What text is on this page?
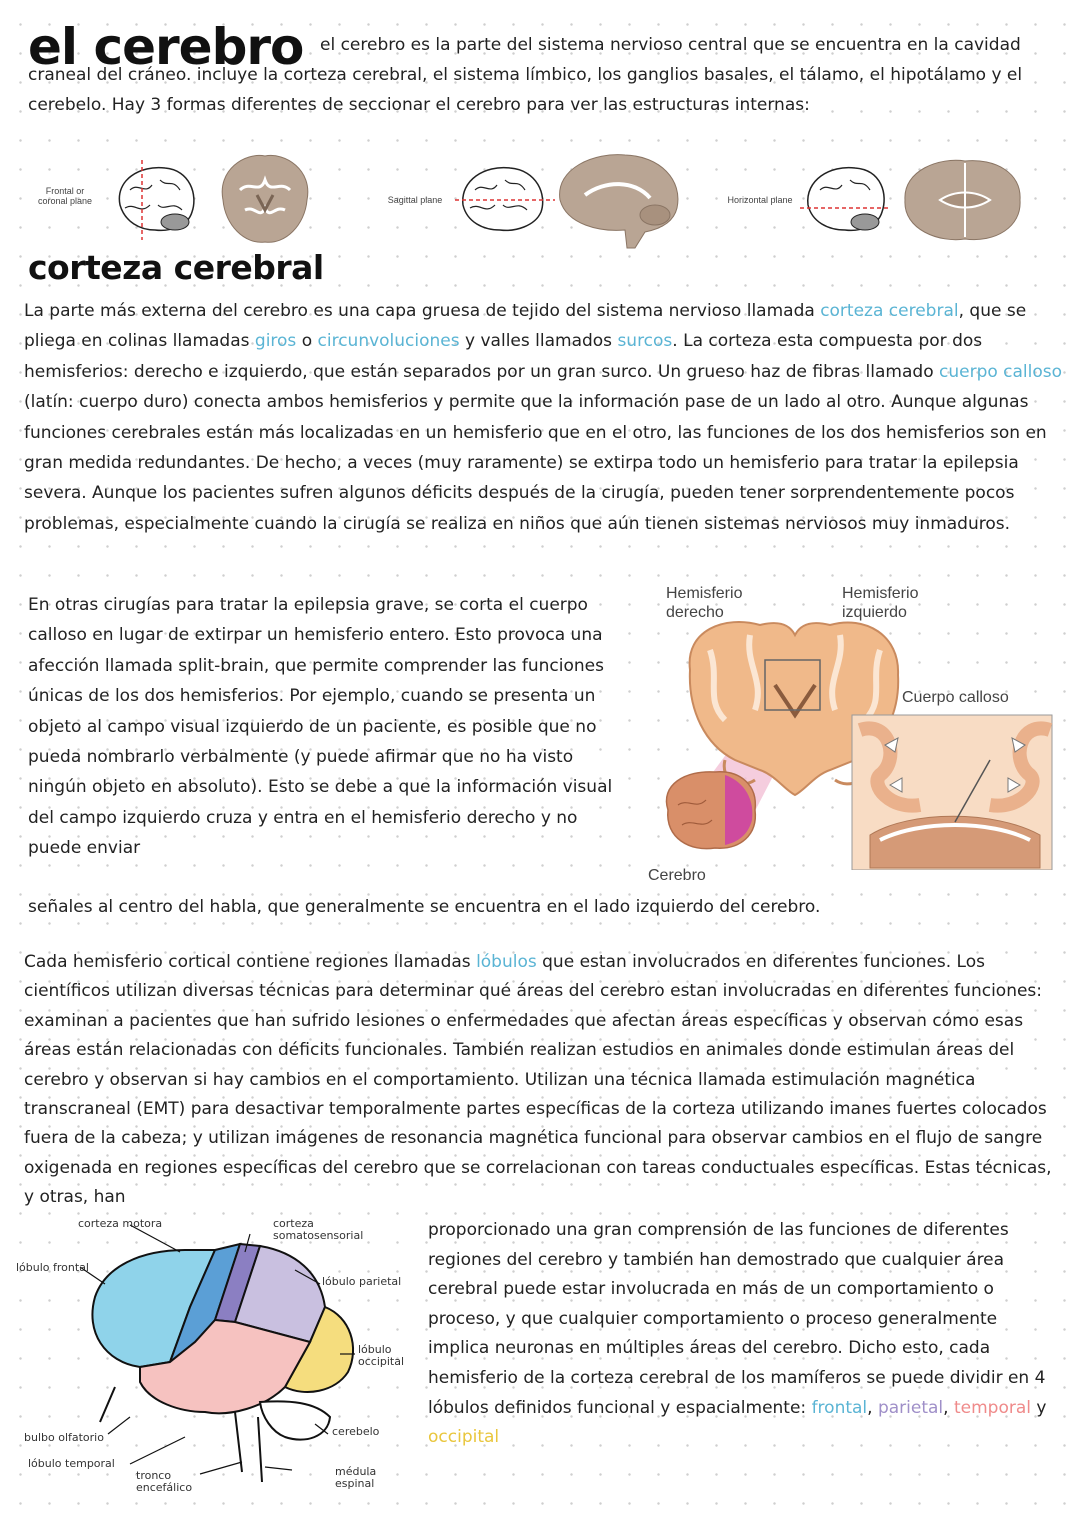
el cerebro el cerebro es la parte del sistema nervioso central que se encuentra en la cavidad craneal del cráneo. incluye la corteza cerebral, el sistema límbico, los ganglios basales, el tálamo, el hipotálamo y el cerebelo. Hay 3 formas diferentes de seccionar el cerebro para ver las estructuras internas:
Frontal or coronal plane	Sagittal plane	Horizontal plane
corteza cerebral
La parte más externa del cerebro es una capa gruesa de tejido del sistema nervioso llamada corteza cerebral, que se pliega en colinas llamadas giros o circunvoluciones y valles llamados surcos. La corteza esta compuesta por dos hemisferios: derecho e izquierdo, que están separados por un gran surco. Un grueso haz de fibras llamado cuerpo calloso (latín: cuerpo duro) conecta ambos hemisferios y permite que la información pase de un lado al otro. Aunque algunas funciones cerebrales están más localizadas en un hemisferio que en el otro, las funciones de los dos hemisferios son en gran medida redundantes. De hecho, a veces (muy raramente) se extirpa todo un hemisferio para tratar la epilepsia severa. Aunque los pacientes sufren algunos déficits después de la cirugía, pueden tener sorprendentemente pocos problemas, especialmente cuando la cirugía se realiza en niños que aún tienen sistemas nerviosos muy inmaduros.
En otras cirugías para tratar la epilepsia grave, se corta el cuerpo calloso en lugar de extirpar un hemisferio entero. Esto provoca una afección llamada split-brain, que permite comprender las funciones únicas de los dos hemisferios. Por ejemplo, cuando se presenta un objeto al campo visual izquierdo de un paciente, es posible que no pueda nombrarlo verbalmente (y puede afirmar que no ha visto ningún objeto en absoluto). Esto se debe a que la información visual del campo izquierdo cruza y entra en el hemisferio derecho y no puede enviar
señales al centro del habla, que generalmente se encuentra en el lado izquierdo del cerebro.
Hemisferio derecho
Hemisferio izquierdo
Cuerpo calloso
Cerebro
Cada hemisferio cortical contiene regiones llamadas lóbulos que estan involucrados en diferentes funciones. Los científicos utilizan diversas técnicas para determinar qué áreas del cerebro estan involucradas en diferentes funciones: examinan a pacientes que han sufrido lesiones o enfermedades que afectan áreas específicas y observan cómo esas áreas están relacionadas con déficits funcionales. También realizan estudios en animales donde estimulan áreas del cerebro y observan si hay cambios en el comportamiento. Utilizan una técnica llamada estimulación magnética transcraneal (EMT) para desactivar temporalmente partes específicas de la corteza utilizando imanes fuertes colocados fuera de la cabeza; y utilizan imágenes de resonancia magnética funcional para observar cambios en el flujo de sangre oxigenada en regiones específicas del cerebro que se correlacionan con tareas conductuales específicas. Estas técnicas, y otras, han
proporcionado una gran comprensión de las funciones de diferentes regiones del cerebro y también han demostrado que cualquier área cerebral puede estar involucrada en más de un comportamiento o proceso, y que cualquier comportamiento o proceso generalmente implica neuronas en múltiples áreas del cerebro. Dicho esto, cada hemisferio de la corteza cerebral de los mamíferos se puede dividir en 4 lóbulos definidos funcional y espacialmente: frontal, parietal, temporal y occipital
corteza motora	corteza somatosensorial
lóbulo frontal
lóbulo parietal
lóbulo occipital
cerebelo
bulbo olfatorio
lóbulo temporal
tronco encefálico
médula espinal
